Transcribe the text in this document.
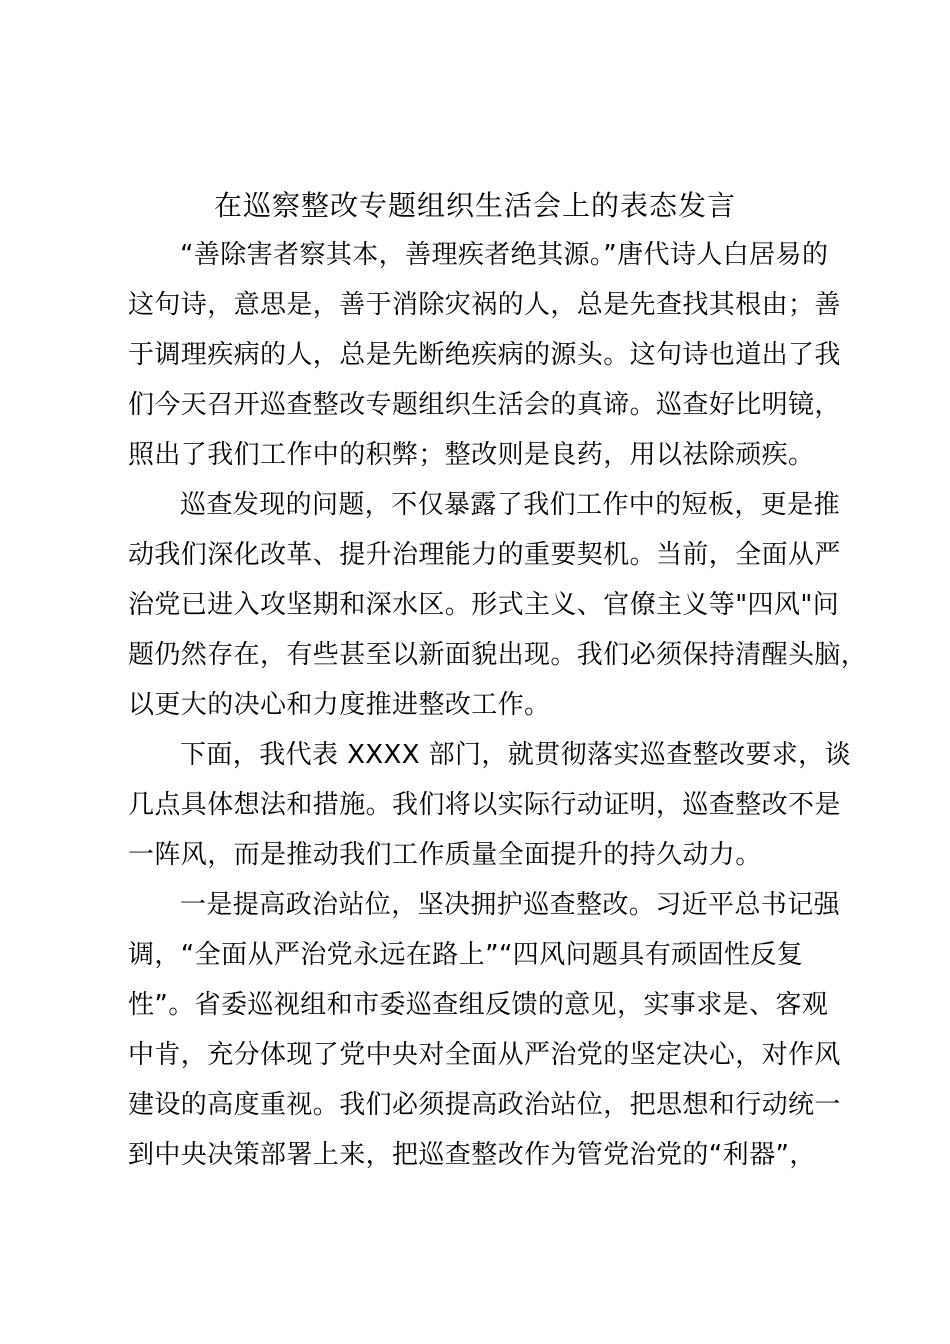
在巡察整改专题组织生活会上的表态发言
“善除害者察其本，善理疾者绝其源。”唐代诗人白居易的
这句诗，意思是，善于消除灾祸的人，总是先查找其根由；善
于调理疾病的人，总是先断绝疾病的源头。这句诗也道出了我
们今天召开巡查整改专题组织生活会的真谛。巡查好比明镜，
照出了我们工作中的积弊；整改则是良药，用以祛除顽疾。
巡查发现的问题，不仅暴露了我们工作中的短板，更是推
动我们深化改革、提升治理能力的重要契机。当前，全面从严
治党已进入攻坚期和深水区。形式主义、官僚主义等"四风"问
题仍然存在，有些甚至以新面貌出现。我们必须保持清醒头脑，
以更大的决心和力度推进整改工作。
下面，我代表 XXXX 部门，就贯彻落实巡查整改要求，谈
几点具体想法和措施。我们将以实际行动证明，巡查整改不是
一阵风，而是推动我们工作质量全面提升的持久动力。
一是提高政治站位，坚决拥护巡查整改。习近平总书记强
调，“全面从严治党永远在路上”“四风问题具有顽固性反复
性”。省委巡视组和市委巡查组反馈的意见，实事求是、客观
中肯，充分体现了党中央对全面从严治党的坚定决心，对作风
建设的高度重视。我们必须提高政治站位，把思想和行动统一
到中央决策部署上来，把巡查整改作为管党治党的“利器”，
